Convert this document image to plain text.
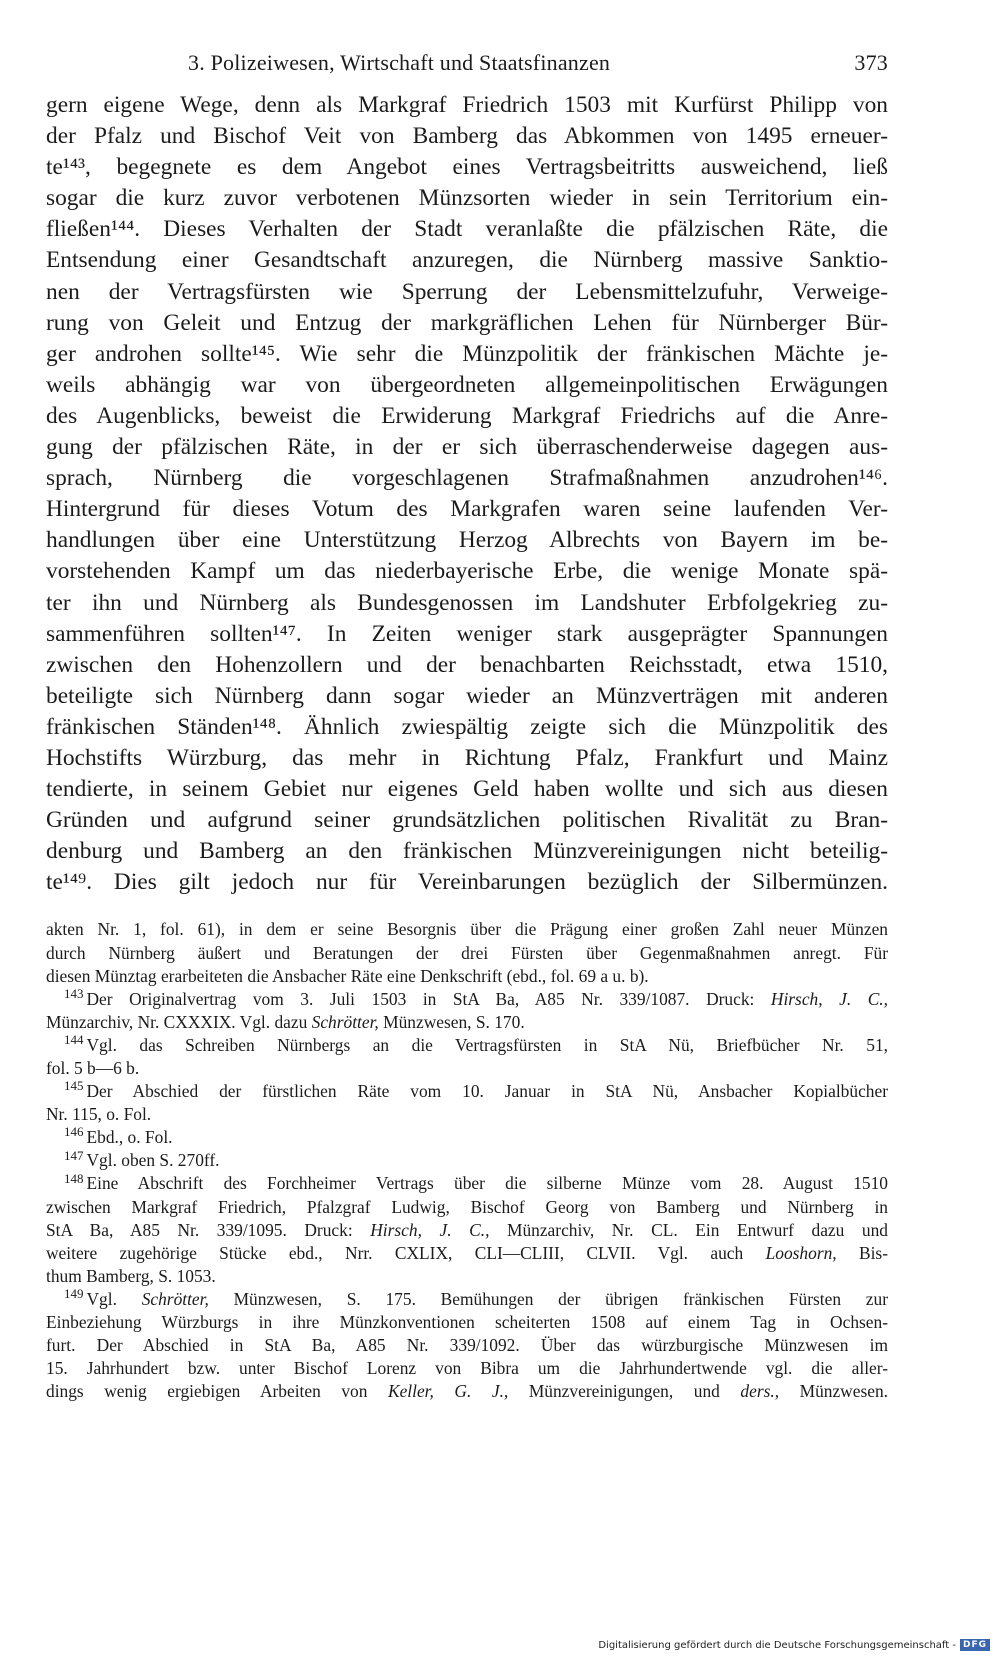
3. Polizeiwesen, Wirtschaft und Staatsfinanzen	373
gern eigene Wege, denn als Markgraf Friedrich 1503 mit Kurfürst Philipp von
der Pfalz und Bischof Veit von Bamberg das Abkommen von 1495 erneuer-
te¹⁴³, begegnete es dem Angebot eines Vertragsbeitritts ausweichend, ließ
sogar die kurz zuvor verbotenen Münzsorten wieder in sein Territorium ein-
fließen¹⁴⁴. Dieses Verhalten der Stadt veranlaßte die pfälzischen Räte, die
Entsendung einer Gesandtschaft anzuregen, die Nürnberg massive Sanktio-
nen der Vertragsfürsten wie Sperrung der Lebensmittelzufuhr, Verweige-
rung von Geleit und Entzug der markgräflichen Lehen für Nürnberger Bür-
ger androhen sollte¹⁴⁵. Wie sehr die Münzpolitik der fränkischen Mächte je-
weils abhängig war von übergeordneten allgemeinpolitischen Erwägungen
des Augenblicks, beweist die Erwiderung Markgraf Friedrichs auf die Anre-
gung der pfälzischen Räte, in der er sich überraschenderweise dagegen aus-
sprach, Nürnberg die vorgeschlagenen Strafmaßnahmen anzudrohen¹⁴⁶.
Hintergrund für dieses Votum des Markgrafen waren seine laufenden Ver-
handlungen über eine Unterstützung Herzog Albrechts von Bayern im be-
vorstehenden Kampf um das niederbayerische Erbe, die wenige Monate spä-
ter ihn und Nürnberg als Bundesgenossen im Landshuter Erbfolgekrieg zu-
sammenführen sollten¹⁴⁷. In Zeiten weniger stark ausgeprägter Spannungen
zwischen den Hohenzollern und der benachbarten Reichsstadt, etwa 1510,
beteiligte sich Nürnberg dann sogar wieder an Münzverträgen mit anderen
fränkischen Ständen¹⁴⁸. Ähnlich zwiespältig zeigte sich die Münzpolitik des
Hochstifts Würzburg, das mehr in Richtung Pfalz, Frankfurt und Mainz
tendierte, in seinem Gebiet nur eigenes Geld haben wollte und sich aus diesen
Gründen und aufgrund seiner grundsätzlichen politischen Rivalität zu Bran-
denburg und Bamberg an den fränkischen Münzvereinigungen nicht beteilig-
te¹⁴⁹. Dies gilt jedoch nur für Vereinbarungen bezüglich der Silbermünzen.
akten Nr. 1, fol. 61), in dem er seine Besorgnis über die Prägung einer großen Zahl neuer Münzen
durch Nürnberg äußert und Beratungen der drei Fürsten über Gegenmaßnahmen anregt. Für
diesen Münztag erarbeiteten die Ansbacher Räte eine Denkschrift (ebd., fol. 69 a u. b).
$^{143}$ Der Originalvertrag vom 3. Juli 1503 in StA Ba, A85 Nr. 339/1087. Druck: Hirsch, J. C.,
Münzarchiv, Nr. CXXXIX. Vgl. dazu Schrötter, Münzwesen, S. 170.
$^{144}$ Vgl. das Schreiben Nürnbergs an die Vertragsfürsten in StA Nü, Briefbücher Nr. 51,
fol. 5 b—6 b.
$^{145}$ Der Abschied der fürstlichen Räte vom 10. Januar in StA Nü, Ansbacher Kopialbücher
Nr. 115, o. Fol.
$^{146}$ Ebd., o. Fol.
$^{147}$ Vgl. oben S. 270ff.
$^{148}$ Eine Abschrift des Forchheimer Vertrags über die silberne Münze vom 28. August 1510
zwischen Markgraf Friedrich, Pfalzgraf Ludwig, Bischof Georg von Bamberg und Nürnberg in
StA Ba, A85 Nr. 339/1095. Druck: Hirsch, J. C., Münzarchiv, Nr. CL. Ein Entwurf dazu und
weitere zugehörige Stücke ebd., Nrr. CXLIX, CLI—CLIII, CLVII. Vgl. auch Looshorn, Bis-
thum Bamberg, S. 1053.
$^{149}$ Vgl. Schrötter, Münzwesen, S. 175. Bemühungen der übrigen fränkischen Fürsten zur
Einbeziehung Würzburgs in ihre Münzkonventionen scheiterten 1508 auf einem Tag in Ochsen-
furt. Der Abschied in StA Ba, A85 Nr. 339/1092. Über das würzburgische Münzwesen im
15. Jahrhundert bzw. unter Bischof Lorenz von Bibra um die Jahrhundertwende vgl. die aller-
dings wenig ergiebigen Arbeiten von Keller, G. J., Münzvereinigungen, und ders., Münzwesen.
Digitalisierung gefördert durch die Deutsche Forschungsgemeinschaft - DFG
